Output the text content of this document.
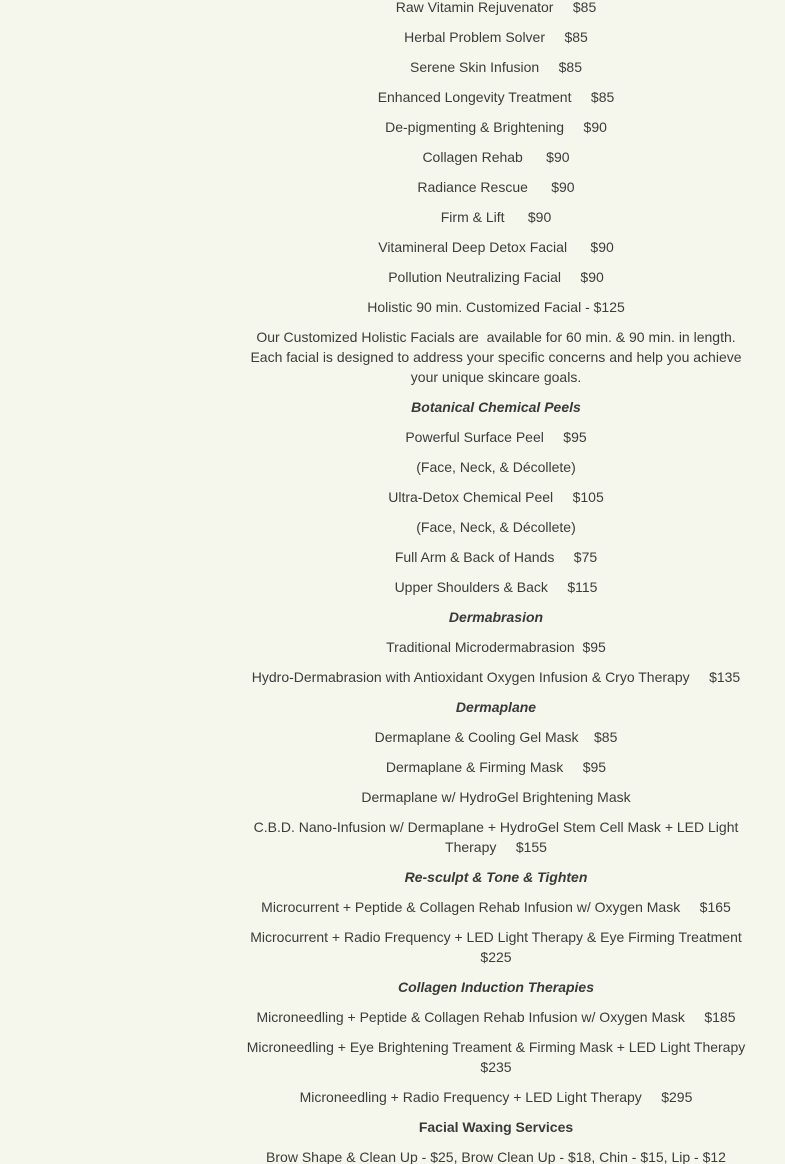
Raw Vitamin Rejuvenator     $85

Herbal Problem Solver     $85

Serene Skin Infusion     $85

Enhanced Longevity Treatment     $85

De-pigmenting & Brightening     $90

Collagen Rehab      $90

Radiance Rescue      $90

Firm & Lift      $90

Vitamineral Deep Detox Facial      $90

Pollution Neutralizing Facial     $90

Holistic 90 min. Customized Facial - $125

Our Customized Holistic Facials are  available for 60 min. & 90 min. in length. Each facial is designed to address your specific concerns and help you achieve your unique skincare goals.

Botanical Chemical Peels

Powerful Surface Peel     $95

(Face, Neck, & Décollete)

Ultra-Detox Chemical Peel     $105

(Face, Neck, & Décollete)

Full Arm & Back of Hands     $75

Upper Shoulders & Back     $115

Dermabrasion

Traditional Microdermabrasion  $95

Hydro-Dermabrasion with Antioxidant Oxygen Infusion & Cryo Therapy     $135

Dermaplane

Dermaplane & Cooling Gel Mask    $85

Dermaplane & Firming Mask     $95

Dermaplane w/ HydroGel Brightening Mask

C.B.D. Nano-Infusion w/ Dermaplane + HydroGel Stem Cell Mask + LED Light Therapy     $155

Re-sculpt & Tone & Tighten

Microcurrent + Peptide & Collagen Rehab Infusion w/ Oxygen Mask     $165

Microcurrent + Radio Frequency + LED Light Therapy & Eye Firming Treatment $225

Collagen Induction Therapies

Microneedling + Peptide & Collagen Rehab Infusion w/ Oxygen Mask     $185

Microneedling + Eye Brightening Treament & Firming Mask + LED Light Therapy $235

Microneedling + Radio Frequency + LED Light Therapy     $295

Facial Waxing Services

Brow Shape & Clean Up - $25, Brow Clean Up - $18, Chin - $15, Lip - $12
